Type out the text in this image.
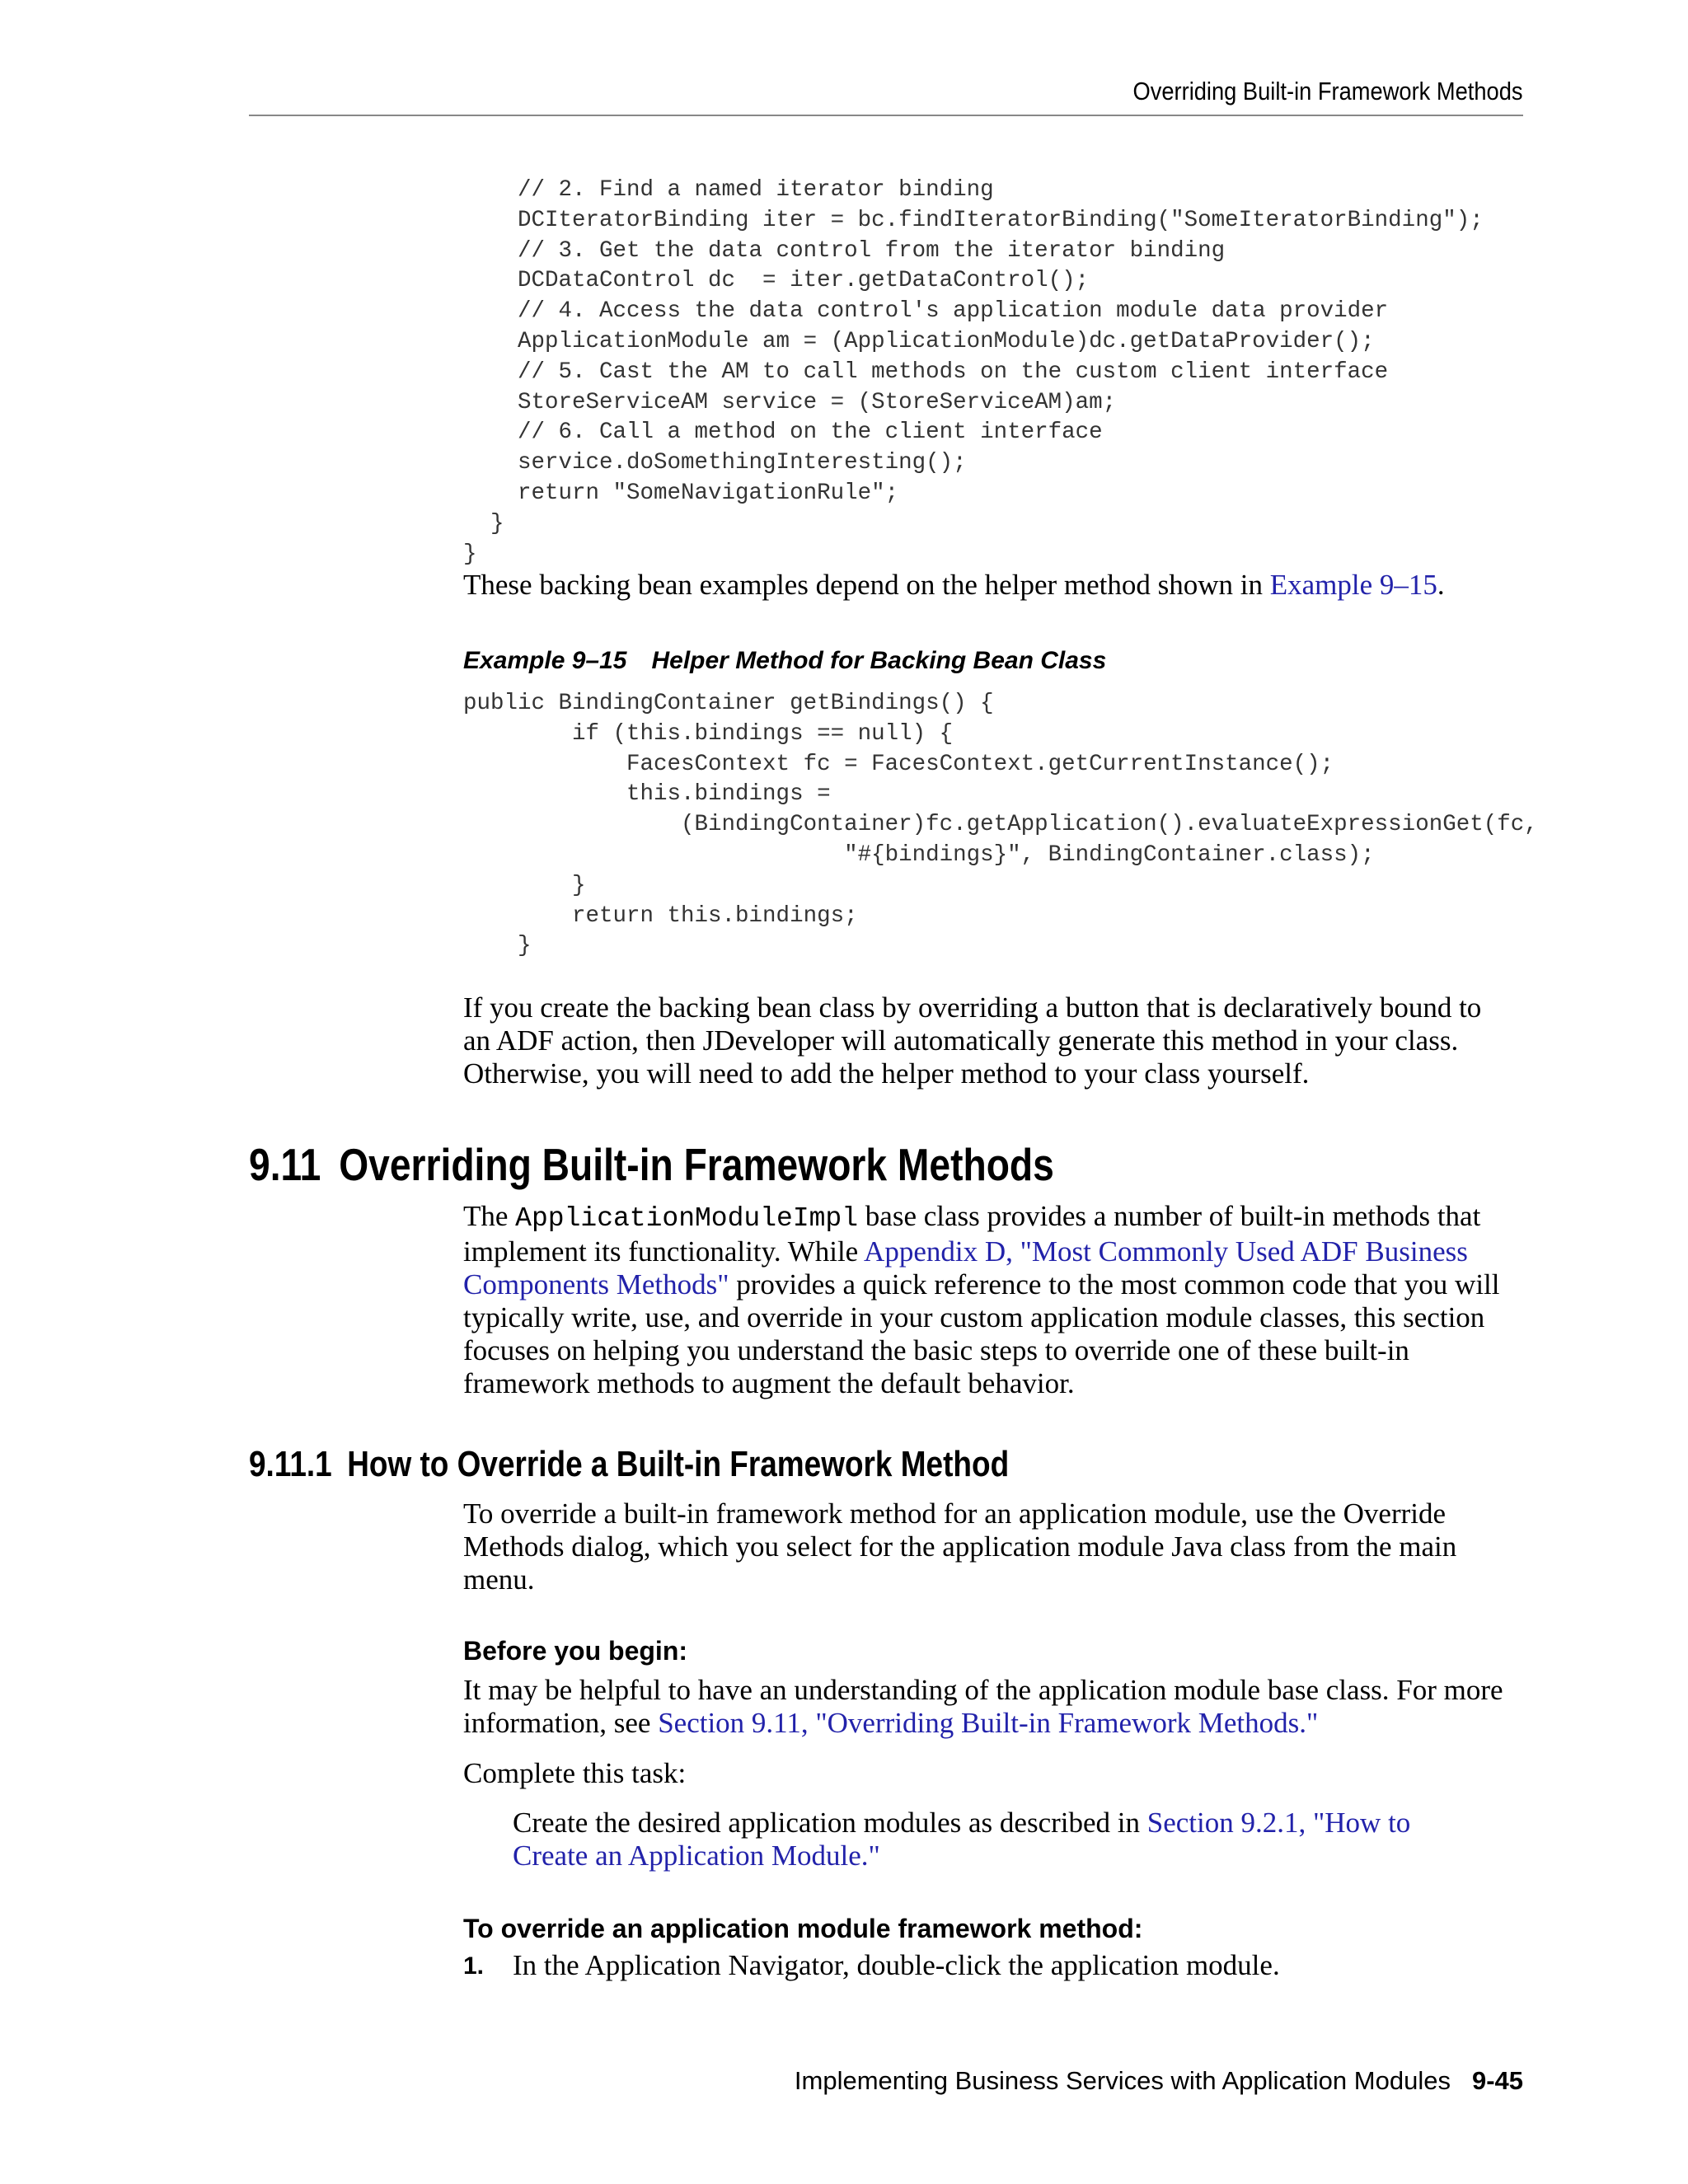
Overriding Built-in Framework Methods
// 2. Find a named iterator binding
DCIteratorBinding iter = bc.findIteratorBinding("SomeIteratorBinding");
// 3. Get the data control from the iterator binding
DCDataControl dc  = iter.getDataControl();
// 4. Access the data control's application module data provider
ApplicationModule am = (ApplicationModule)dc.getDataProvider();
// 5. Cast the AM to call methods on the custom client interface
StoreServiceAM service = (StoreServiceAM)am;
// 6. Call a method on the client interface
service.doSomethingInteresting();
return "SomeNavigationRule";
}
}

These backing bean examples depend on the helper method shown in Example 9–15.

Example 9–15 Helper Method for Backing Bean Class
public BindingContainer getBindings() {
if (this.bindings == null) {
FacesContext fc = FacesContext.getCurrentInstance();
this.bindings =
(BindingContainer)fc.getApplication().evaluateExpressionGet(fc,
"#{bindings}", BindingContainer.class);
}
return this.bindings;
}

If you create the backing bean class by overriding a button that is declaratively bound to an ADF action, then JDeveloper will automatically generate this method in your class. Otherwise, you will need to add the helper method to your class yourself.

9.11 Overriding Built-in Framework Methods

The ApplicationModuleImpl base class provides a number of built-in methods that implement its functionality. While Appendix D, "Most Commonly Used ADF Business Components Methods" provides a quick reference to the most common code that you will typically write, use, and override in your custom application module classes, this section focuses on helping you understand the basic steps to override one of these built-in framework methods to augment the default behavior.

9.11.1 How to Override a Built-in Framework Method

To override a built-in framework method for an application module, use the Override Methods dialog, which you select for the application module Java class from the main menu.

Before you begin:

It may be helpful to have an understanding of the application module base class. For more information, see Section 9.11, "Overriding Built-in Framework Methods."

Complete this task:

Create the desired application modules as described in Section 9.2.1, "How to Create an Application Module."

To override an application module framework method:
1. In the Application Navigator, double-click the application module.
Implementing Business Services with Application Modules 9-45
